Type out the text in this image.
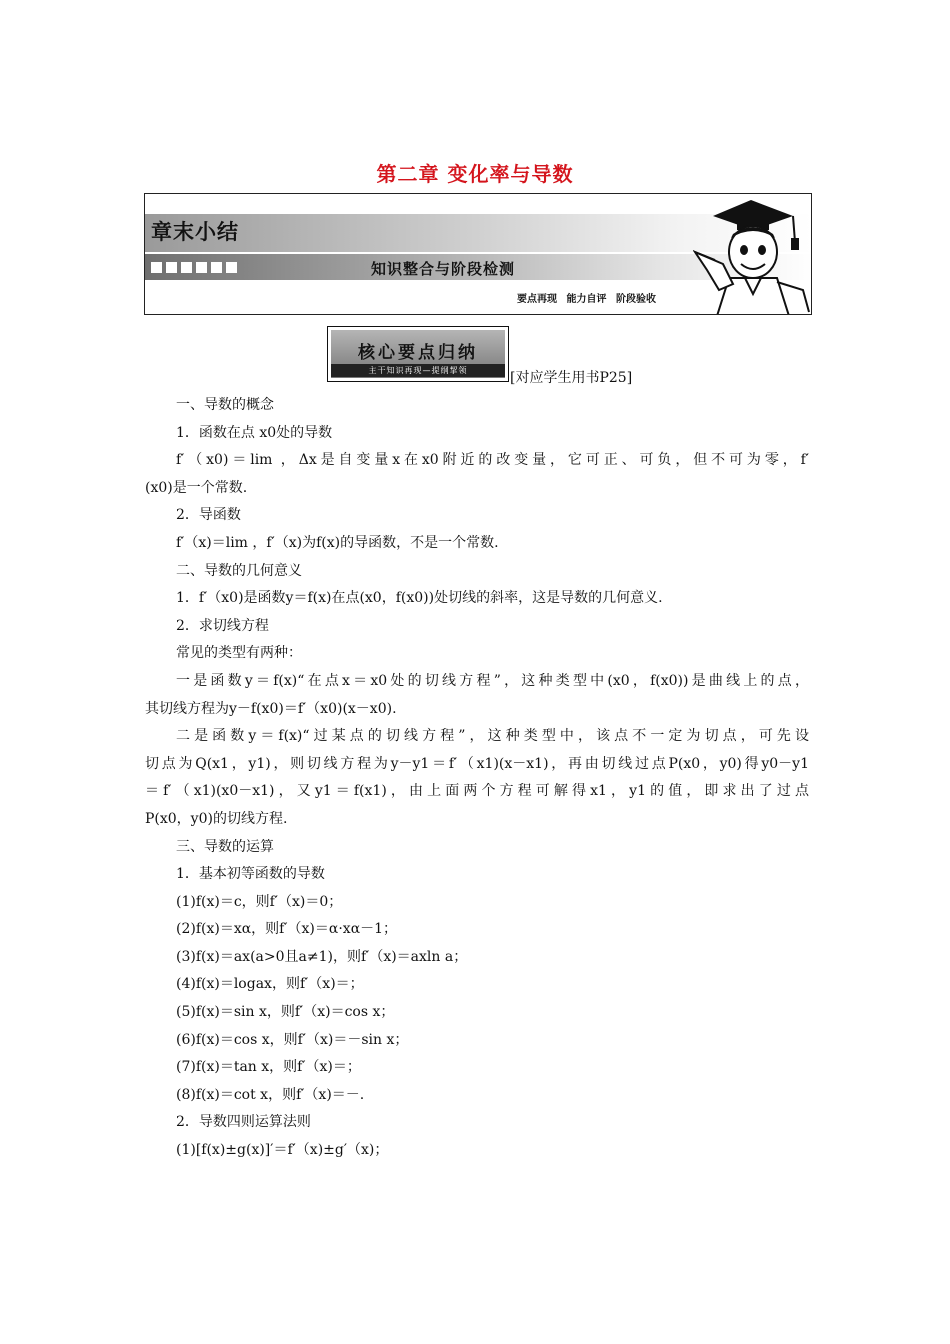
第二章 变化率与导数
章末小结
知识整合与阶段检测
要点再现 能力自评 阶段验收
核心要点归纳
主干知识再现—提纲挈领	[对应学生用书P25]

一、导数的概念

1．函数在点 x0处的导数

f′（x0)＝lim ，Δx是自变量x在x0附近的改变量，它可正、可负，但不可为零，f′

(x0)是一个常数.

2．导函数

f′（x)＝lim ，f′（x)为f(x)的导函数，不是一个常数.

二、导数的几何意义

1．f′（x0)是函数y＝f(x)在点(x0，f(x0))处切线的斜率，这是导数的几何意义.

2．求切线方程

常见的类型有两种：

一是函数y＝f(x)“在点x＝x0处的切线方程”，这种类型中(x0，f(x0))是曲线上的点，

其切线方程为y－f(x0)＝f′（x0)(x－x0).

二是函数y＝f(x)“过某点的切线方程”，这种类型中，该点不一定为切点，可先设

切点为Q(x1，y1)，则切线方程为y－y1＝f′（x1)(x－x1)，再由切线过点P(x0，y0)得y0－y1

＝f′（x1)(x0－x1)，又y1＝f(x1)，由上面两个方程可解得x1，y1的值，即求出了过点

P(x0，y0)的切线方程.

三、导数的运算

1．基本初等函数的导数

(1)f(x)＝c，则f′（x)＝0；

(2)f(x)＝xα，则f′（x)＝α·xα－1；

(3)f(x)＝ax(a>0且a≠1)，则f′（x)＝axln a；

(4)f(x)＝logax，则f′（x)＝；

(5)f(x)＝sin x，则f′（x)＝cos x；

(6)f(x)＝cos x，则f′（x)＝－sin x；

(7)f(x)＝tan x，则f′（x)＝；

(8)f(x)＝cot x，则f′（x)＝－.

2．导数四则运算法则

(1)[f(x)±g(x)]′＝f′（x)±g′（x)；
